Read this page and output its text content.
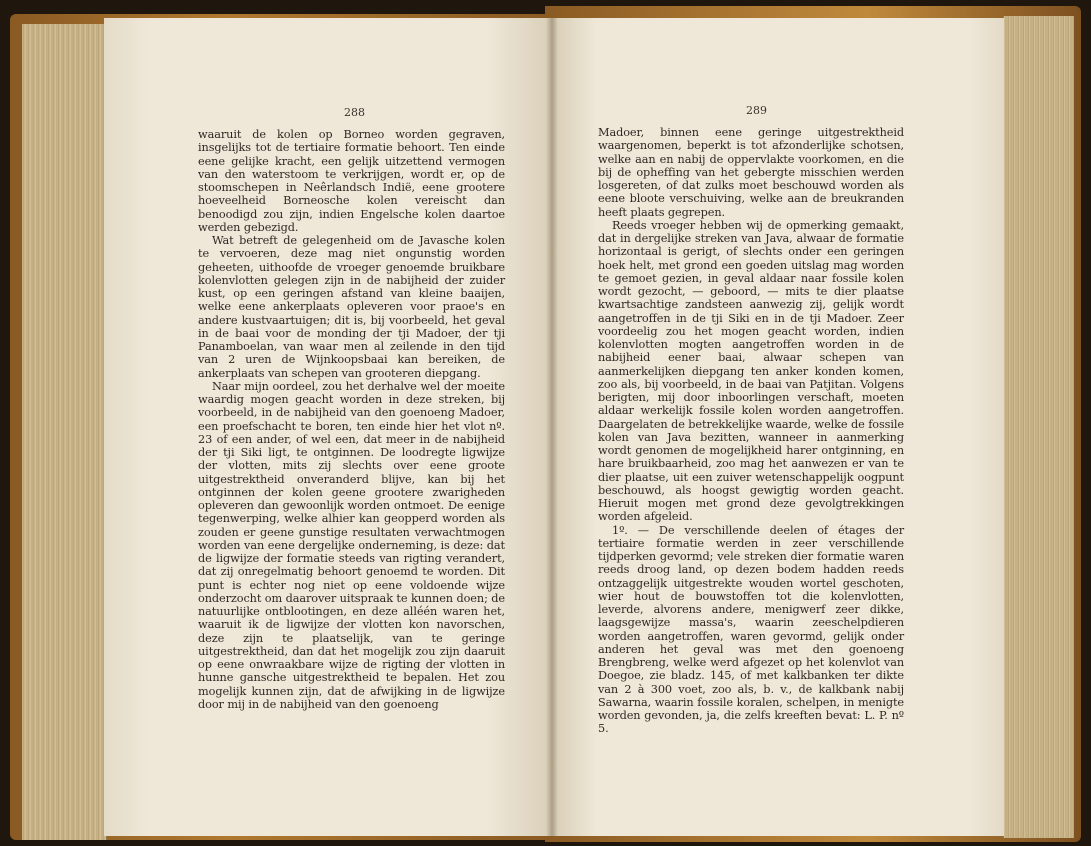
288

waaruit de kolen op Borneo worden gegraven, insgelijks tot de tertiaire formatie behoort. Ten einde eene gelijke kracht, een gelijk uitzettend vermogen van den waterstoom te verkrijgen, wordt er, op de stoomschepen in Neêrlandsch Indië, eene grootere hoeveelheid Borneosche kolen vereischt dan benoodigd zou zijn, indien Engelsche kolen daartoe werden gebezigd.

Wat betreft de gelegenheid om de Javasche kolen te vervoeren, deze mag niet ongunstig worden geheeten, uithoofde de vroeger genoemde bruikbare kolenvlotten gelegen zijn in de nabijheid der zuider kust, op een geringen afstand van kleine baaijen, welke eene ankerplaats opleveren voor praoe's en andere kustvaartuigen; dit is, bij voorbeeld, het geval in de baai voor de monding der tji Madoer, der tji Panamboelan, van waar men al zeilende in den tijd van 2 uren de Wijnkoopsbaai kan bereiken, de ankerplaats van schepen van grooteren diepgang.

Naar mijn oordeel, zou het derhalve wel der moeite waardig mogen geacht worden in deze streken, bij voorbeeld, in de nabijheid van den goenoeng Madoer, een proefschacht te boren, ten einde hier het vlot nº. 23 of een ander, of wel een, dat meer in de nabijheid der tji Siki ligt, te ontginnen. De loodregte ligwijze der vlotten, mits zij slechts over eene groote uitgestrektheid onveranderd blijve, kan bij het ontginnen der kolen geene grootere zwarigheden opleveren dan gewoonlijk worden ontmoet. De eenige tegenwerping, welke alhier kan geopperd worden als zouden er geene gunstige resultaten verwachtmogen worden van eene dergelijke onderneming, is deze: dat de ligwijze der formatie steeds van rigting verandert, dat zij onregelmatig behoort genoemd te worden. Dit punt is echter nog niet op eene voldoende wijze onderzocht om daarover uitspraak te kunnen doen; de natuurlijke ontblootingen, en deze alléén waren het, waaruit ik de ligwijze der vlotten kon navorschen, deze zijn te plaatselijk, van te geringe uitgestrektheid, dan dat het mogelijk zou zijn daaruit op eene onwraakbare wijze de rigting der vlotten in hunne gansche uitgestrektheid te bepalen. Het zou mogelijk kunnen zijn, dat de afwijking in de ligwijze door mij in de nabijheid van den goenoeng

289

Madoer, binnen eene geringe uitgestrektheid waargenomen, beperkt is tot afzonderlijke schotsen, welke aan en nabij de oppervlakte voorkomen, en die bij de opheffing van het gebergte misschien werden losgereten, of dat zulks moet beschouwd worden als eene blootе verschuiving, welke aan de breukranden heeft plaats gegrepen.

Reeds vroeger hebben wij de opmerking gemaakt, dat in dergelijke streken van Java, alwaar de formatie horizontaal is gerigt, of slechts onder een geringen hoek helt, met grond een goeden uitslag mag worden te gemoet gezien, in geval aldaar naar fossile kolen wordt gezocht, — geboord, — mits te dier plaatse kwartsachtige zandsteen aanwezig zij, gelijk wordt aangetroffen in de tji Siki en in de tji Madoer. Zeer voordeelig zou het mogen geacht worden, indien kolenvlotten mogten aangetroffen worden in de nabijheid eener baai, alwaar schepen van aanmerkelijken diepgang ten anker konden komen, zoo als, bij voorbeeld, in de baai van Patjitan. Volgens berigten, mij door inboorlingen verschaft, moeten aldaar werkelijk fossile kolen worden aangetroffen. Daargelaten de betrekkelijke waarde, welke de fossile kolen van Java bezitten, wanneer in aanmerking wordt genomen de mogelijkheid harer ontginning, en hare bruikbaarheid, zoo mag het aanwezen er van te dier plaatse, uit een zuiver wetenschappelijk oogpunt beschouwd, als hoogst gewigtig worden geacht. Hieruit mogen met grond deze gevolgtrekkingen worden afgeleid.

1º. — De verschillende deelen of étages der tertiaire formatie werden in zeer verschillende tijdperken gevormd; vele streken dier formatie waren reeds droog land, op dezen bodem hadden reeds ontzaggelijk uitgestrekte wouden wortel geschoten, wier hout de bouwstoffen tot die kolenvlotten, leverde, alvorens andere, menigwerf zeer dikke, laagsgewijze massa's, waarin zeeschelpdieren worden aangetroffen, waren gevormd, gelijk onder anderen het geval was met den goenoeng Brengbreng, welke werd afgezet op het kolenvlot van Doegoe, zie bladz. 145, of met kalkbanken ter dikte van 2 à 300 voet, zoo als, b. v., de kalkbank nabij Sawarna, waarin fossile koralen, schelpen, in menigte worden gevonden, ja, die zelfs kreeften bevat: L. P. nº 5.
